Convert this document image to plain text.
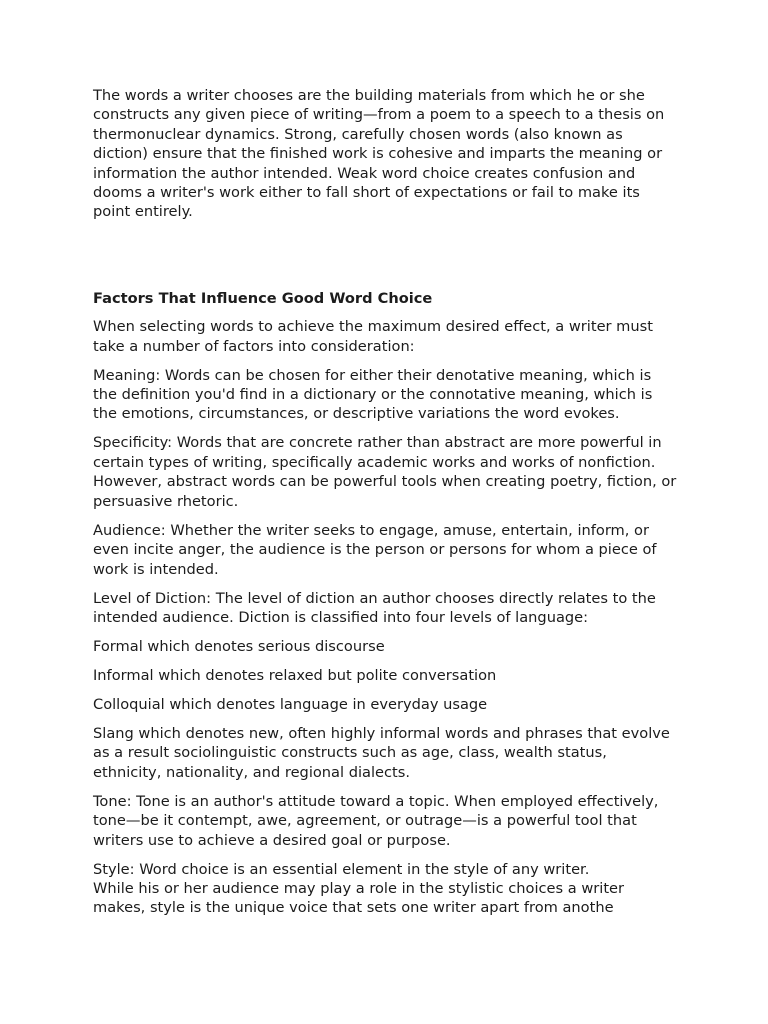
The words a writer chooses are the building materials from which he or she constructs any given piece of writing—from a poem to a speech to a thesis on thermonuclear dynamics. Strong, carefully chosen words (also known as diction) ensure that the finished work is cohesive and imparts the meaning or information the author intended. Weak word choice creates confusion and dooms a writer's work either to fall short of expectations or fail to make its point entirely.

Factors That Influence Good Word Choice

When selecting words to achieve the maximum desired effect, a writer must take a number of factors into consideration:

Meaning: Words can be chosen for either their denotative meaning, which is the definition you'd find in a dictionary or the connotative meaning, which is the emotions, circumstances, or descriptive variations the word evokes.

Specificity: Words that are concrete rather than abstract are more powerful in certain types of writing, specifically academic works and works of nonfiction. However, abstract words can be powerful tools when creating poetry, fiction, or persuasive rhetoric.

Audience: Whether the writer seeks to engage, amuse, entertain, inform, or even incite anger, the audience is the person or persons for whom a piece of work is intended.

Level of Diction: The level of diction an author chooses directly relates to the intended audience. Diction is classified into four levels of language:

Formal which denotes serious discourse

Informal which denotes relaxed but polite conversation

Colloquial which denotes language in everyday usage

Slang which denotes new, often highly informal words and phrases that evolve as a result sociolinguistic constructs such as age, class, wealth status, ethnicity, nationality, and regional dialects.

Tone: Tone is an author's attitude toward a topic. When employed effectively, tone—be it contempt, awe, agreement, or outrage—is a powerful tool that writers use to achieve a desired goal or purpose.

Style: Word choice is an essential element in the style of any writer.
While his or her audience may play a role in the stylistic choices a writer
makes, style is the unique voice that sets one writer apart from anothe
